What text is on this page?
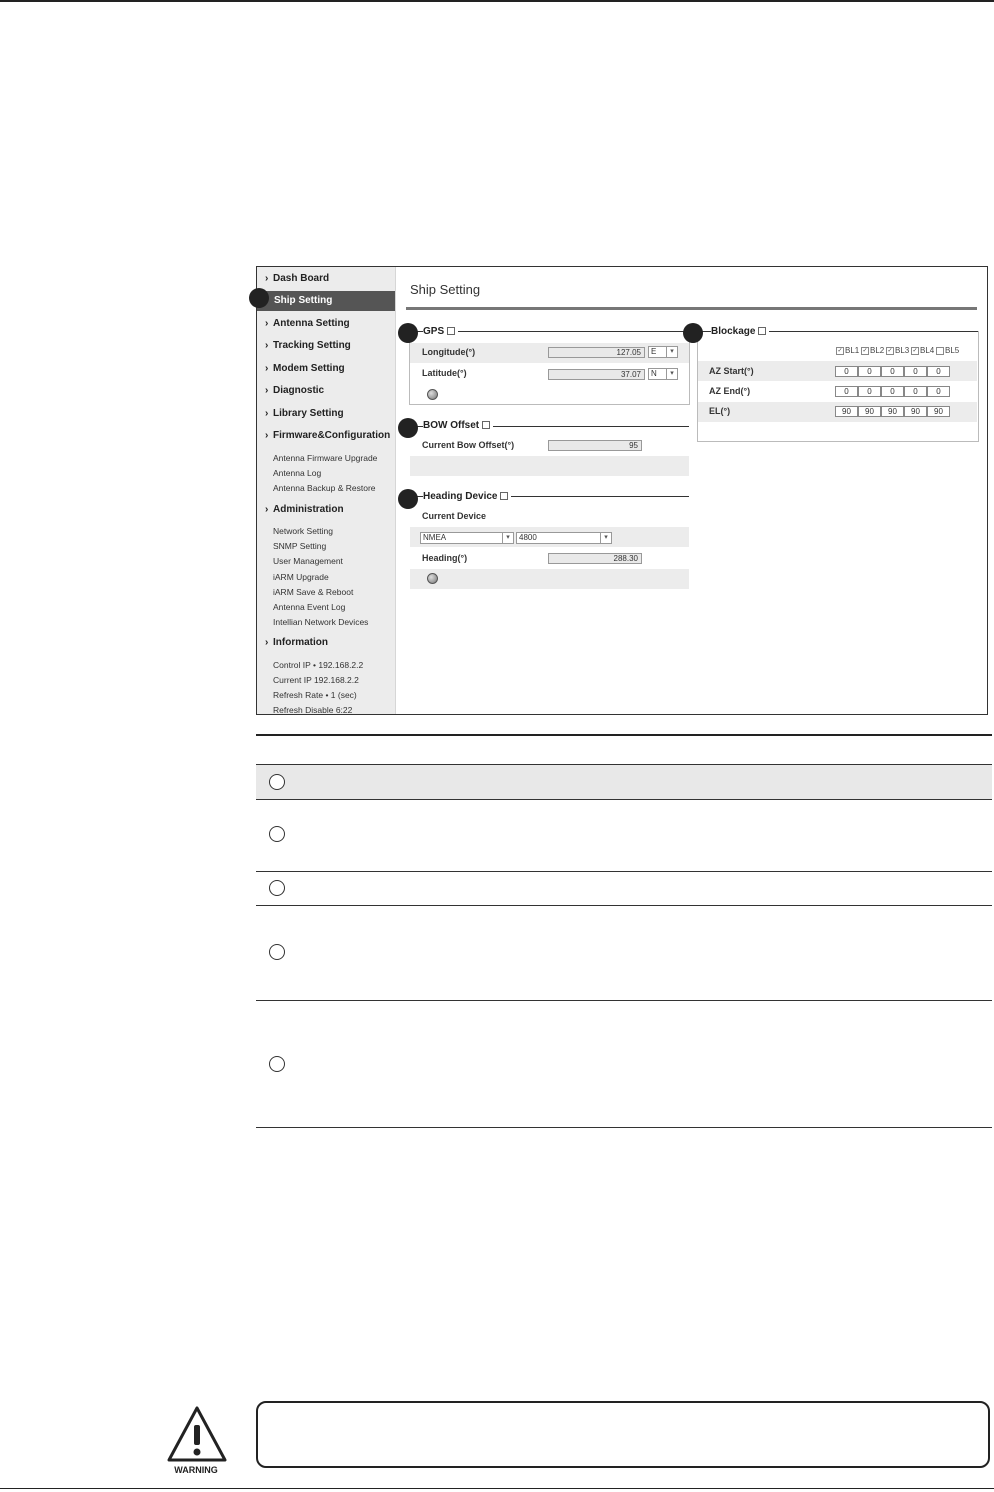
› Dash Board
Ship Setting
› Antenna Setting
› Tracking Setting
› Modem Setting
› Diagnostic
› Library Setting
› Firmware&Configuration
Antenna Firmware Upgrade
Antenna Log
Antenna Backup & Restore
› Administration
Network Setting
SNMP Setting
User Management
iARM Upgrade
iARM Save & Reboot
Antenna Event Log
Intellian Network Devices
› Information
Control IP • 192.168.2.2
Current IP 192.168.2.2
Refresh Rate • 1 (sec)
Refresh Disable 6:22
Ship Setting
GPS
Longitude(°)	127.05	E	▾
Latitude(°)	37.07	N	▾
BOW Offset
Current Bow Offset(°)	95
Heading Device
Current Device
NMEA	▾	4800	▾
Heading(°)	288.30
Blockage
✓ BL1 ✓ BL2 ✓ BL3 ✓ BL4	BL5
AZ Start(°)	0	0	0	0	0
AZ End(°)	0	0	0	0	0
EL(°)	90	90	90	90	90
WARNING
